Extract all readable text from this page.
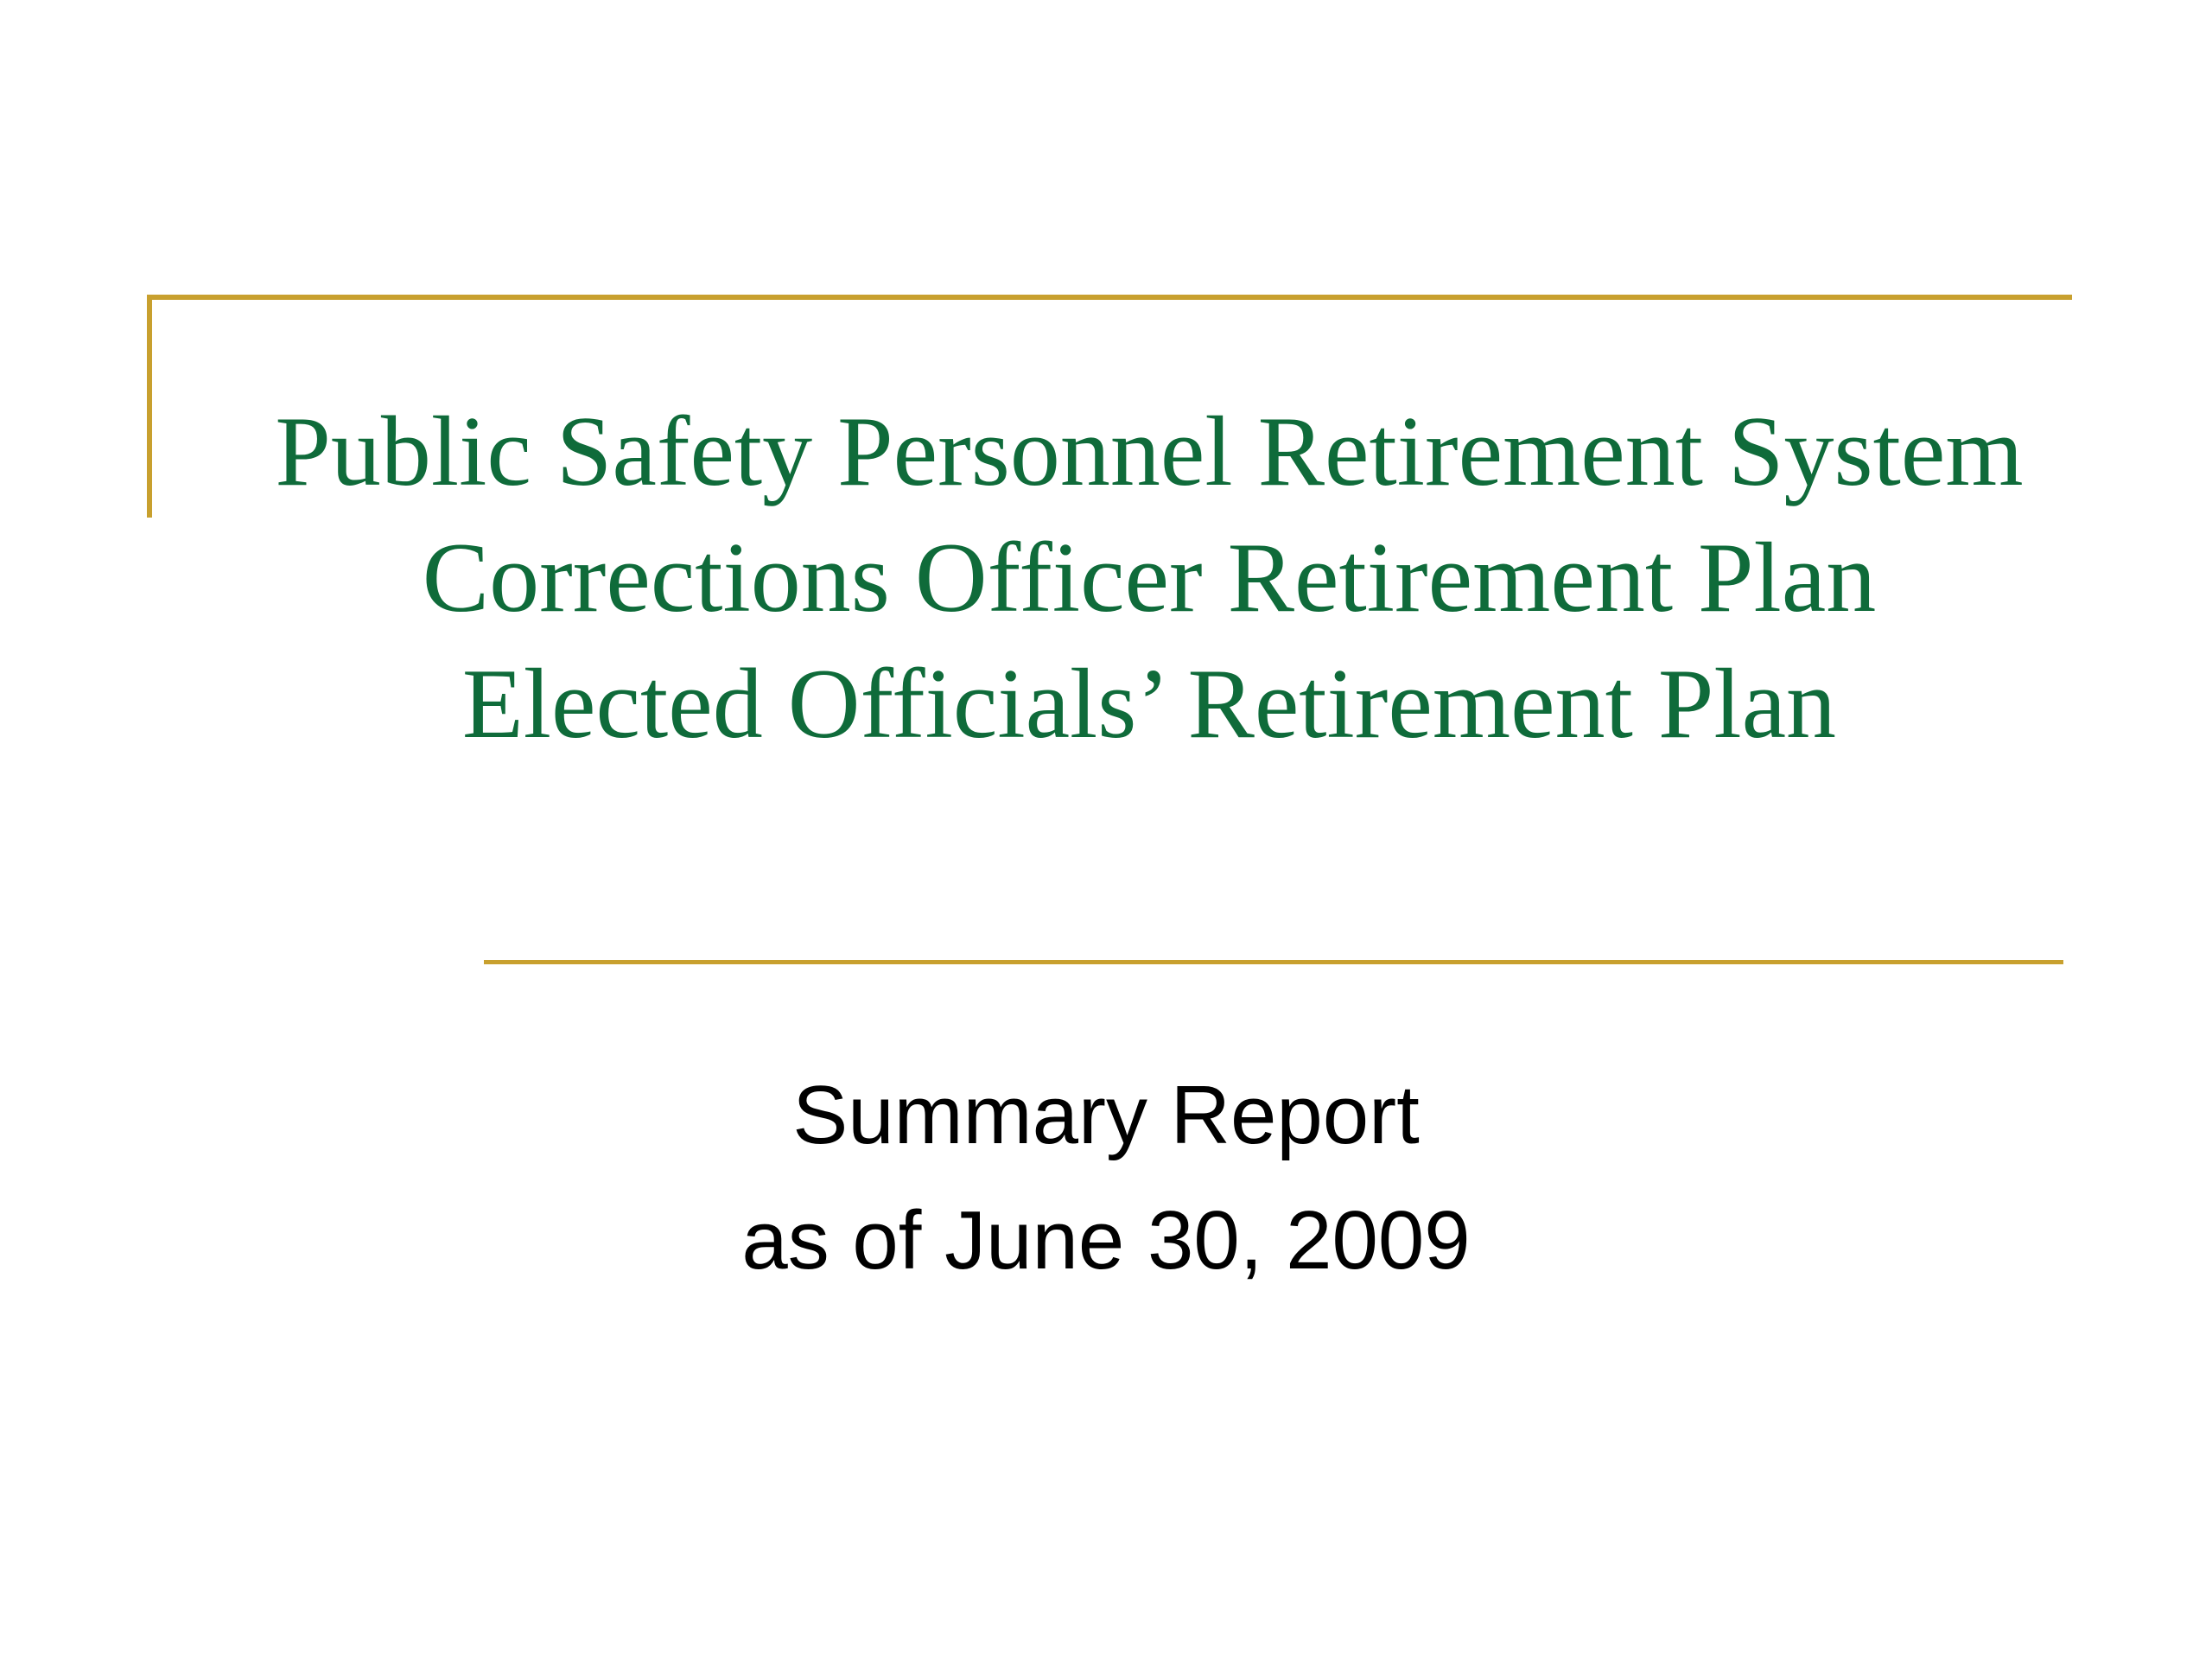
Public Safety Personnel Retirement System
Corrections Officer Retirement Plan
Elected Officials’ Retirement Plan
Summary Report
as of June 30, 2009
